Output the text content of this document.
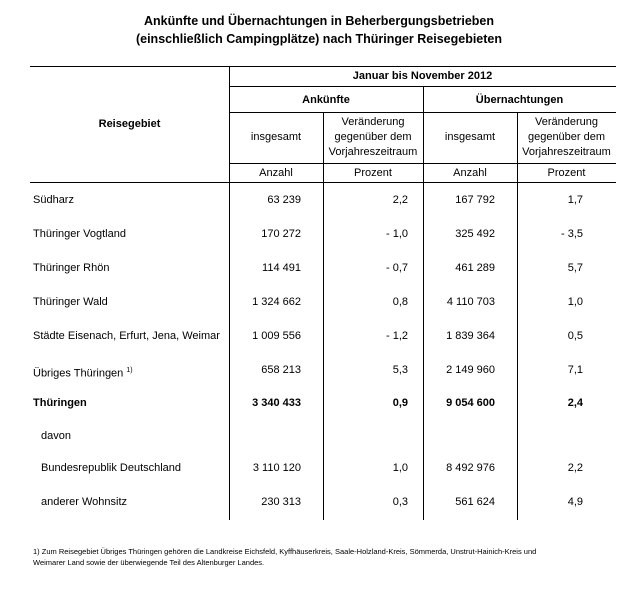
Ankünfte und Übernachtungen in Beherbergungsbetrieben
(einschließlich Campingplätze) nach Thüringer Reisegebieten
Januar bis November 2012
Reisegebiet
Ankünfte	Übernachtungen
insgesamt
Veränderung
gegenüber dem
Vorjahreszeitraum
insgesamt
Veränderung
gegenüber dem
Vorjahreszeitraum
Anzahl	Prozent	Anzahl	Prozent
Südharz	63 239	2,2	167 792	1,7
Thüringer Vogtland	170 272	- 1,0	325 492	- 3,5
Thüringer Rhön	114 491	- 0,7	461 289	5,7
Thüringer Wald	1 324 662	0,8	4 110 703	1,0
Städte Eisenach, Erfurt, Jena, Weimar	1 009 556	- 1,2	1 839 364	0,5
Übriges Thüringen $^{1)}$	658 213	5,3	2 149 960	7,1
Thüringen	3 340 433	0,9	9 054 600	2,4
davon
Bundesrepublik Deutschland	3 110 120	1,0	8 492 976	2,2
anderer Wohnsitz	230 313	0,3	561 624	4,9
1) Zum Reisegebiet Übriges Thüringen gehören die Landkreise Eichsfeld, Kyffhäuserkreis, Saale-Holzland-Kreis, Sömmerda, Unstrut-Hainich-Kreis und
Weimarer Land sowie der überwiegende Teil des Altenburger Landes.
